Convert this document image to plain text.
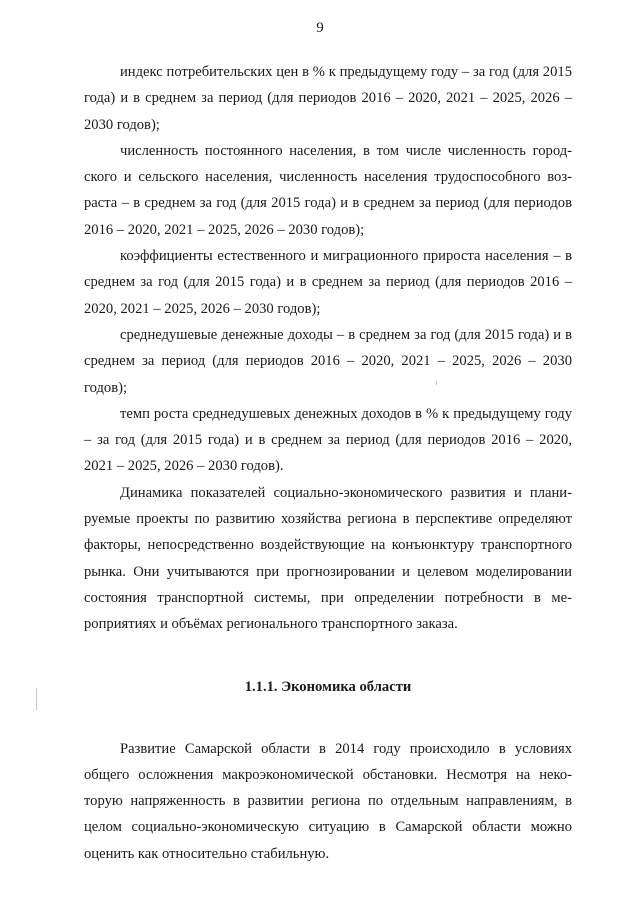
9

индекс потребительских цен в % к предыдущему году – за год (для 2015 года) и в среднем за период (для периодов 2016 – 2020, 2021 – 2025, 2026 – 2030 годов);

численность постоянного населения, в том числе численность городского и сельского населения, численность населения трудоспособного возраста – в среднем за год (для 2015 года) и в среднем за период (для периодов 2016 – 2020, 2021 – 2025, 2026 – 2030 годов);

коэффициенты естественного и миграционного прироста населения – в среднем за год (для 2015 года) и в среднем за период (для периодов 2016 – 2020, 2021 – 2025, 2026 – 2030 годов);

среднедушевые денежные доходы – в среднем за год (для 2015 года) и в среднем за период (для периодов 2016 – 2020, 2021 – 2025, 2026 – 2030 годов);

темп роста среднедушевых денежных доходов в % к предыдущему году – за год (для 2015 года) и в среднем за период (для периодов 2016 – 2020, 2021 – 2025, 2026 – 2030 годов).

Динамика показателей социально-экономического развития и планируемые проекты по развитию хозяйства региона в перспективе определяют факторы, непосредственно воздействующие на конъюнктуру транспортного рынка. Они учитываются при прогнозировании и целевом моделировании состояния транспортной системы, при определении потребности в мероприятиях и объёмах регионального транспортного заказа.

1.1.1. Экономика области

Развитие Самарской области в 2014 году происходило в условиях общего осложнения макроэкономической обстановки. Несмотря на некоторую напряженность в развитии региона по отдельным направлениям, в целом социально-экономическую ситуацию в Самарской области можно оценить как относительно стабильную.
